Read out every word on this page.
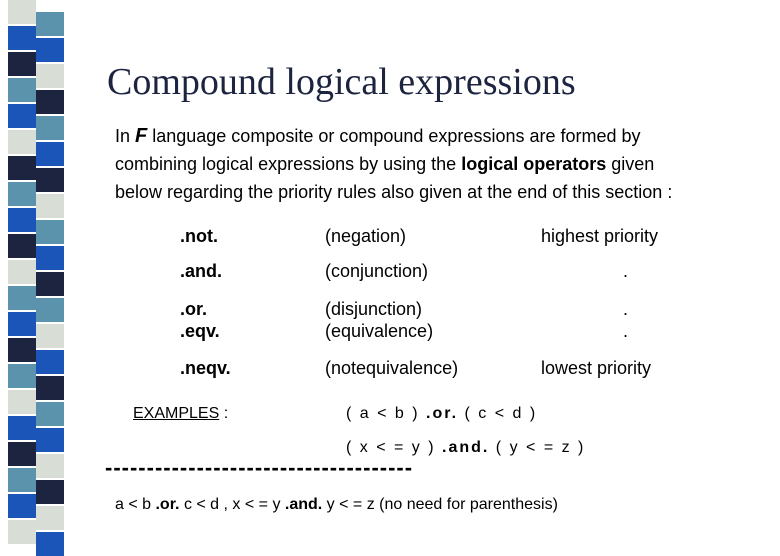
Compound logical expressions
In F language composite or compound expressions are formed by
combining logical expressions by using the logical operators given
below regarding the priority rules also given at the end of this section :
.not.	(negation)	highest priority
.and.	(conjunction)	.
.or.	(disjunction)	.
.eqv.	(equivalence)	.
.neqv.	(notequivalence)	lowest priority
EXAMPLES :	( a < b ) .or. ( c < d )
( x < = y ) .and. ( y < = z )
-------------------------------------
a < b .or. c < d , x < = y .and. y < = z (no need for parenthesis)
